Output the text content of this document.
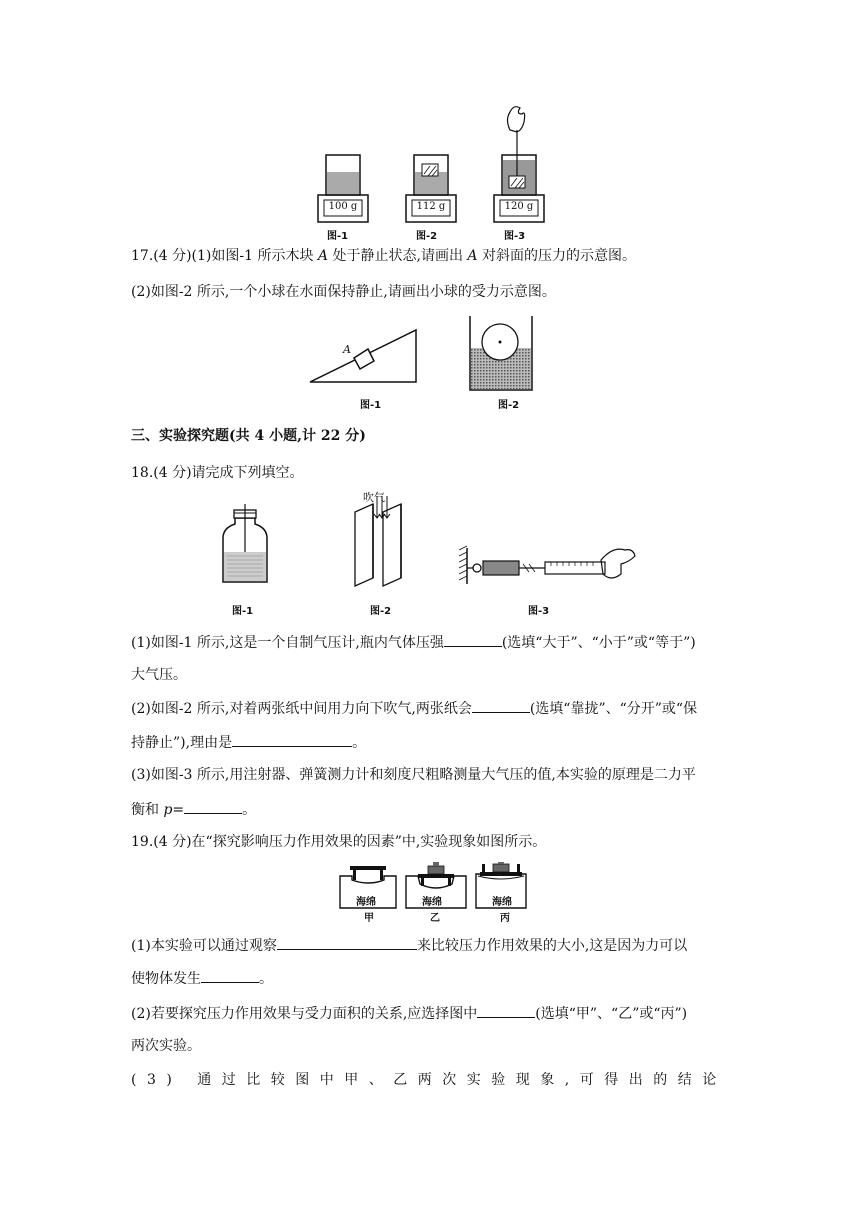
100 g	112 g	120 g
图-1	图-2	图-3
17.(4 分)(1)如图-1 所示木块 A 处于静止状态,请画出 A 对斜面的压力的示意图。
(2)如图-2 所示,一个小球在水面保持静止,请画出小球的受力示意图。
A
图-1	图-2
三、实验探究题(共 4 小题,计 22 分)
18.(4 分)请完成下列填空。
吹气
图-1	图-2	图-3
(1)如图-1 所示,这是一个自制气压计,瓶内气体压强	(选填“大于”、“小于”或“等于”)
大气压。
(2)如图-2 所示,对着两张纸中间用力向下吹气,两张纸会	(选填“靠拢”、“分开”或“保
持静止”),理由是	。
(3)如图-3 所示,用注射器、弹簧测力计和刻度尺粗略测量大气压的值,本实验的原理是二力平
衡和 p=	。
19.(4 分)在“探究影响压力作用效果的因素”中,实验现象如图所示。
海绵	海绵	海绵
甲	乙	丙
(1)本实验可以通过观察	来比较压力作用效果的大小,这是因为力可以
使物体发生	。
(2)若要探究压力作用效果与受力面积的关系,应选择图中	(选填“甲”、“乙”或“丙”)
两次实验。
(3) 通过比较图中甲、乙两次实验现象,可得出的结论
